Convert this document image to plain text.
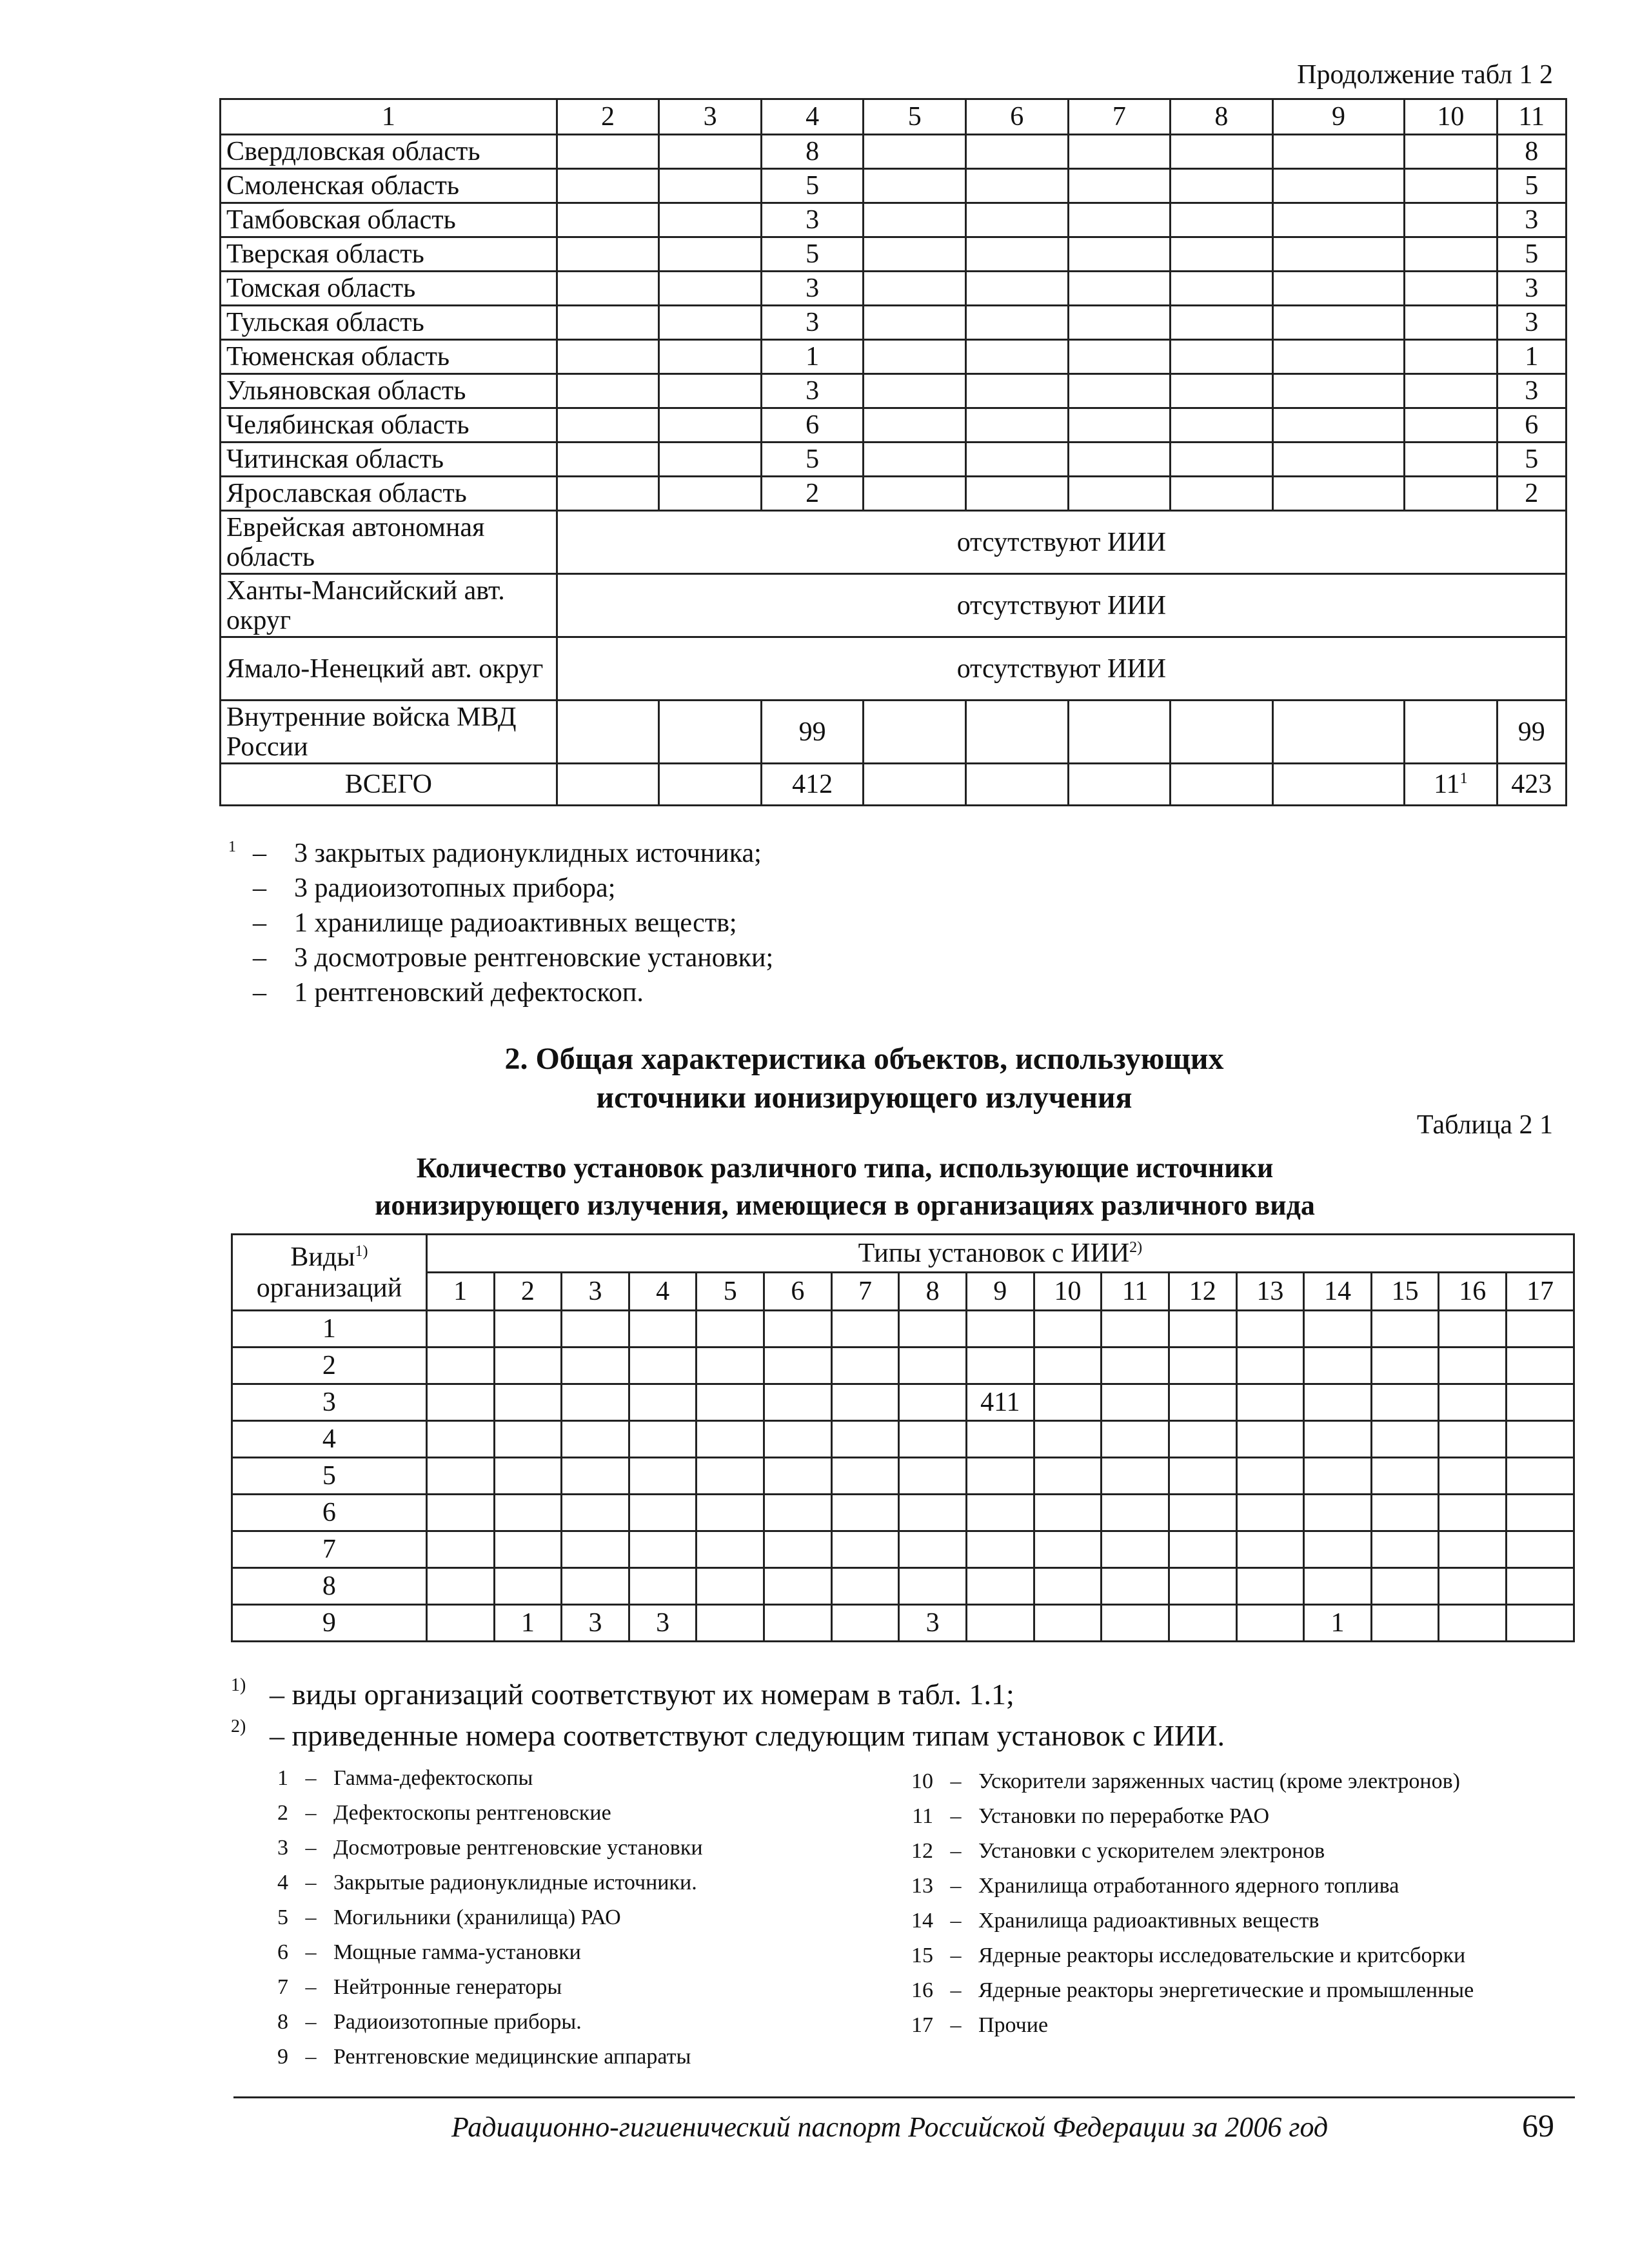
Продолжение табл 1 2
1	2	3	4	5	6	7	8	9	10	11
Свердловская область			8							8
Смоленская область			5							5
Тамбовская область			3							3
Тверская область			5							5
Томская область			3							3
Тульская область			3							3
Тюменская область			1							1
Ульяновская область			3							3
Челябинская область			6							6
Читинская область			5							5
Ярославская область			2							2
Еврейская автономная область	отсутствуют ИИИ									
Ханты-Мансийский авт. округ	отсутствуют ИИИ									
Ямало-Ненецкий авт. округ	отсутствуют ИИИ									
Внутренние войска МВД России			99							99
ВСЕГО			412						$11^1$	423
1 – 3 закрытых радионуклидных источника;
– 3 радиоизотопных прибора;
– 1 хранилище радиоактивных веществ;
– 3 досмотровые рентгеновские установки;
– 1 рентгеновский дефектоскоп.
2. Общая характеристика объектов, использующих
источники ионизирующего излучения
Таблица 2 1
Количество установок различного типа, использующие источники
ионизирующего излучения, имеющиеся в организациях различного вида
Виды$^{1)}$
организаций	Типы установок с ИИИ$^{2)}$
	1	2	3	4	5	6	7	8	9	10	11	12	13	14	15	16	17
1																	
2																	
3									411								
4																	
5																	
6																	
7																	
8																	
9		1	3	3				3						1			
1) – виды организаций соответствуют их номерам в табл. 1.1;
2) – приведенные номера соответствуют следующим типам установок с ИИИ.
1 – Гамма-дефектоскопы
2 – Дефектоскопы рентгеновские
3 – Досмотровые рентгеновские установки
4 – Закрытые радионуклидные источники.
5 – Могильники (хранилища) РАО
6 – Мощные гамма-установки
7 – Нейтронные генераторы
8 – Радиоизотопные приборы.
9 – Рентгеновские медицинские аппараты
10 – Ускорители заряженных частиц (кроме электронов)
11 – Установки по переработке РАО
12 – Установки с ускорителем электронов
13 – Хранилища отработанного ядерного топлива
14 – Хранилища радиоактивных веществ
15 – Ядерные реакторы исследовательские и критсборки
16 – Ядерные реакторы энергетические и промышленные
17 – Прочие
Радиационно-гигиенический паспорт Российской Федерации за 2006 год	69
